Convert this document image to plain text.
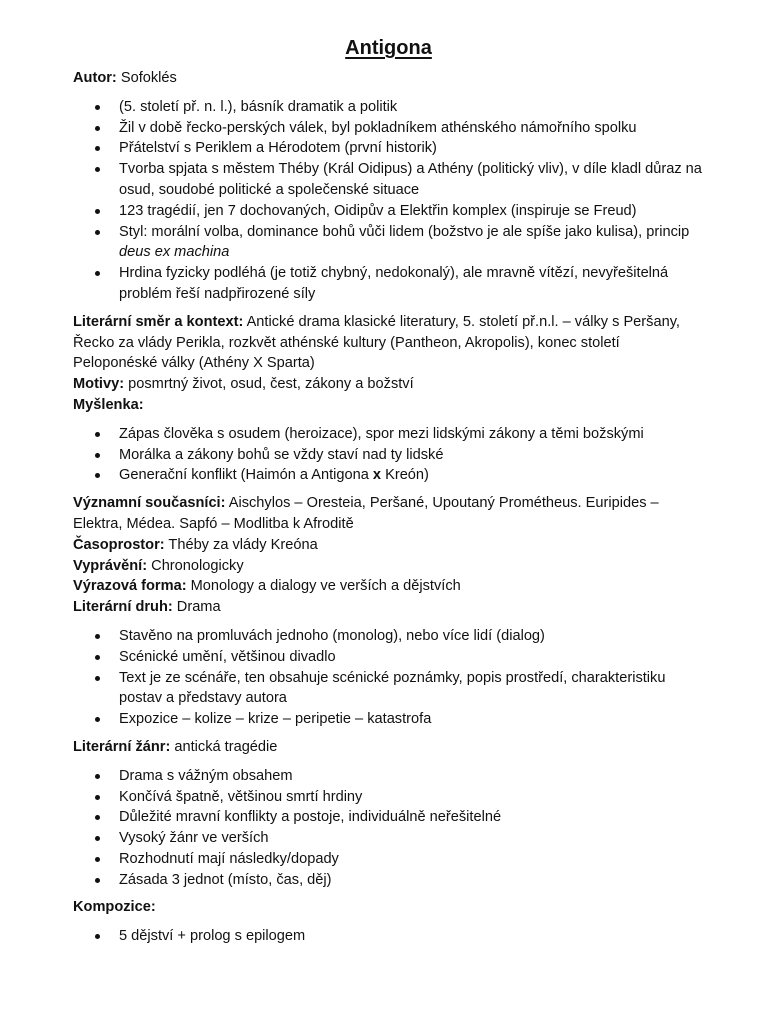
Antigona

Autor: Sofoklés

(5. století př. n. l.), básník dramatik a politik
Žil v době řecko-perských válek, byl pokladníkem athénského námořního spolku
Přátelství s Periklem a Hérodotem (první historik)
Tvorba spjata s městem Théby (Král Oidipus) a Athény (politický vliv), v díle kladl důraz na osud, soudobé politické a společenské situace
123 tragédií, jen 7 dochovaných, Oidipův a Elektřin komplex (inspiruje se Freud)
Styl: morální volba, dominance bohů vůči lidem (božstvo je ale spíše jako kulisa), princip deus ex machina
Hrdina fyzicky podléhá (je totiž chybný, nedokonalý), ale mravně vítězí, nevyřešitelná problém řeší nadpřirozené síly

Literární směr a kontext: Antické drama klasické literatury, 5. století př.n.l. – války s Peršany, Řecko za vlády Perikla, rozkvět athénské kultury (Pantheon, Akropolis), konec století Peloponéské války (Athény X Sparta)

Motivy: posmrtný život, osud, čest, zákony a božství

Myšlenka:

Zápas člověka s osudem (heroizace), spor mezi lidskými zákony a těmi božskými
Morálka a zákony bohů se vždy staví nad ty lidské
Generační konflikt (Haimón a Antigona x Kreón)

Významní současníci: Aischylos – Oresteia, Peršané, Upoutaný Prométheus. Euripides – Elektra, Médea. Sapfó – Modlitba k Afroditě

Časoprostor: Théby za vlády Kreóna

Vyprávění: Chronologicky

Výrazová forma: Monology a dialogy ve verších a dějstvích

Literární druh: Drama

Stavěno na promluvách jednoho (monolog), nebo více lidí (dialog)
Scénické umění, většinou divadlo
Text je ze scénáře, ten obsahuje scénické poznámky, popis prostředí, charakteristiku postav a představy autora
Expozice – kolize – krize – peripetie – katastrofa

Literární žánr: antická tragédie

Drama s vážným obsahem
Končívá špatně, většinou smrtí hrdiny
Důležité mravní konflikty a postoje, individuálně neřešitelné
Vysoký žánr ve verších
Rozhodnutí mají následky/dopady
Zásada 3 jednot (místo, čas, děj)

Kompozice:

5 dějství + prolog s epilogem
